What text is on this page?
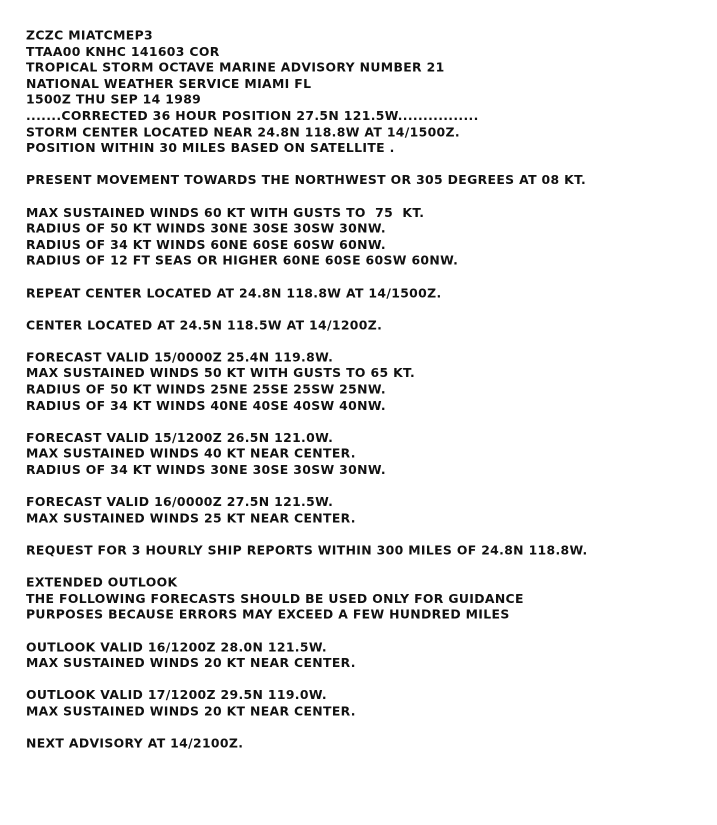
ZCZC MIATCMEP3
TTAA00 KNHC 141603 COR
TROPICAL STORM OCTAVE MARINE ADVISORY NUMBER 21
NATIONAL WEATHER SERVICE MIAMI FL
1500Z THU SEP 14 1989
.......CORRECTED 36 HOUR POSITION 27.5N 121.5W................
STORM CENTER LOCATED NEAR 24.8N 118.8W AT 14/1500Z.
POSITION WITHIN 30 MILES BASED ON SATELLITE .
PRESENT MOVEMENT TOWARDS THE NORTHWEST OR 305 DEGREES AT 08 KT.
MAX SUSTAINED WINDS 60 KT WITH GUSTS TO  75  KT.
RADIUS OF 50 KT WINDS 30NE 30SE 30SW 30NW.
RADIUS OF 34 KT WINDS 60NE 60SE 60SW 60NW.
RADIUS OF 12 FT SEAS OR HIGHER 60NE 60SE 60SW 60NW.
REPEAT CENTER LOCATED AT 24.8N 118.8W AT 14/1500Z.
CENTER LOCATED AT 24.5N 118.5W AT 14/1200Z.
FORECAST VALID 15/0000Z 25.4N 119.8W.
MAX SUSTAINED WINDS 50 KT WITH GUSTS TO 65 KT.
RADIUS OF 50 KT WINDS 25NE 25SE 25SW 25NW.
RADIUS OF 34 KT WINDS 40NE 40SE 40SW 40NW.
FORECAST VALID 15/1200Z 26.5N 121.0W.
MAX SUSTAINED WINDS 40 KT NEAR CENTER.
RADIUS OF 34 KT WINDS 30NE 30SE 30SW 30NW.
FORECAST VALID 16/0000Z 27.5N 121.5W.
MAX SUSTAINED WINDS 25 KT NEAR CENTER.
REQUEST FOR 3 HOURLY SHIP REPORTS WITHIN 300 MILES OF 24.8N 118.8W.
EXTENDED OUTLOOK
THE FOLLOWING FORECASTS SHOULD BE USED ONLY FOR GUIDANCE
PURPOSES BECAUSE ERRORS MAY EXCEED A FEW HUNDRED MILES
OUTLOOK VALID 16/1200Z 28.0N 121.5W.
MAX SUSTAINED WINDS 20 KT NEAR CENTER.
OUTLOOK VALID 17/1200Z 29.5N 119.0W.
MAX SUSTAINED WINDS 20 KT NEAR CENTER.
NEXT ADVISORY AT 14/2100Z.
